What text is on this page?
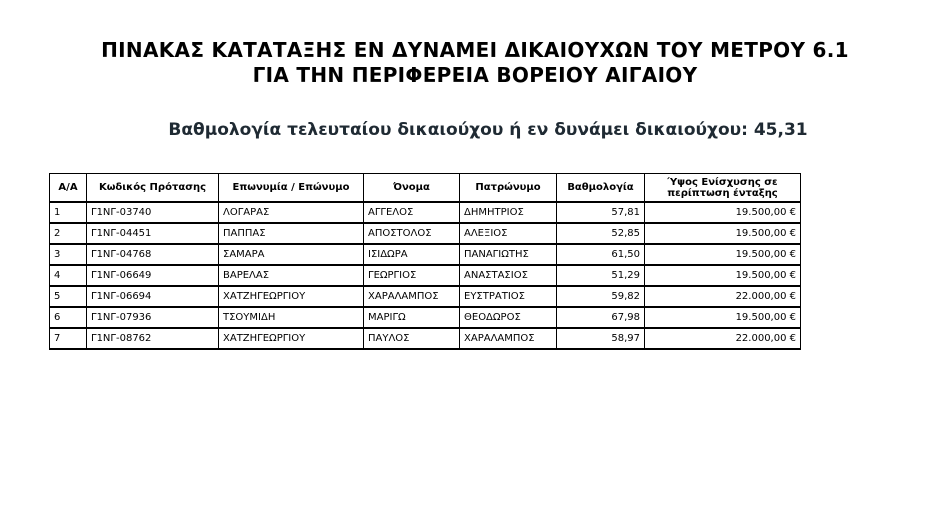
ΠΙΝΑΚΑΣ ΚΑΤΑΤΑΞΗΣ ΕΝ ΔΥΝΑΜΕΙ ΔΙΚΑΙΟΥΧΩΝ ΤΟΥ ΜΕΤΡΟΥ 6.1
ΓΙΑ ΤΗΝ ΠΕΡΙΦΕΡΕΙΑ ΒΟΡΕΙΟΥ ΑΙΓΑΙΟΥ
Βαθμολογία τελευταίου δικαιούχου ή εν δυνάμει δικαιούχου: 45,31
Α/Α	Κωδικός Πρότασης	Επωνυμία / Επώνυμο	Όνομα	Πατρώνυμο	Βαθμολογία	Ύψος Ενίσχυσης σε περίπτωση ένταξης
1	Γ1ΝΓ-03740	ΛΟΓΑΡΑΣ	ΑΓΓΕΛΟΣ	ΔΗΜΗΤΡΙΟΣ	57,81	19.500,00 €
2	Γ1ΝΓ-04451	ΠΑΠΠΑΣ	ΑΠΟΣΤΟΛΟΣ	ΑΛΕΞΙΟΣ	52,85	19.500,00 €
3	Γ1ΝΓ-04768	ΣΑΜΑΡΑ	ΙΣΙΔΩΡΑ	ΠΑΝΑΓΙΩΤΗΣ	61,50	19.500,00 €
4	Γ1ΝΓ-06649	ΒΑΡΕΛΑΣ	ΓΕΩΡΓΙΟΣ	ΑΝΑΣΤΑΣΙΟΣ	51,29	19.500,00 €
5	Γ1ΝΓ-06694	ΧΑΤΖΗΓΕΩΡΓΙΟΥ	ΧΑΡΑΛΑΜΠΟΣ	ΕΥΣΤΡΑΤΙΟΣ	59,82	22.000,00 €
6	Γ1ΝΓ-07936	ΤΣΟΥΜΙΔΗ	ΜΑΡΙΓΩ	ΘΕΟΔΩΡΟΣ	67,98	19.500,00 €
7	Γ1ΝΓ-08762	ΧΑΤΖΗΓΕΩΡΓΙΟΥ	ΠΑΥΛΟΣ	ΧΑΡΑΛΑΜΠΟΣ	58,97	22.000,00 €
